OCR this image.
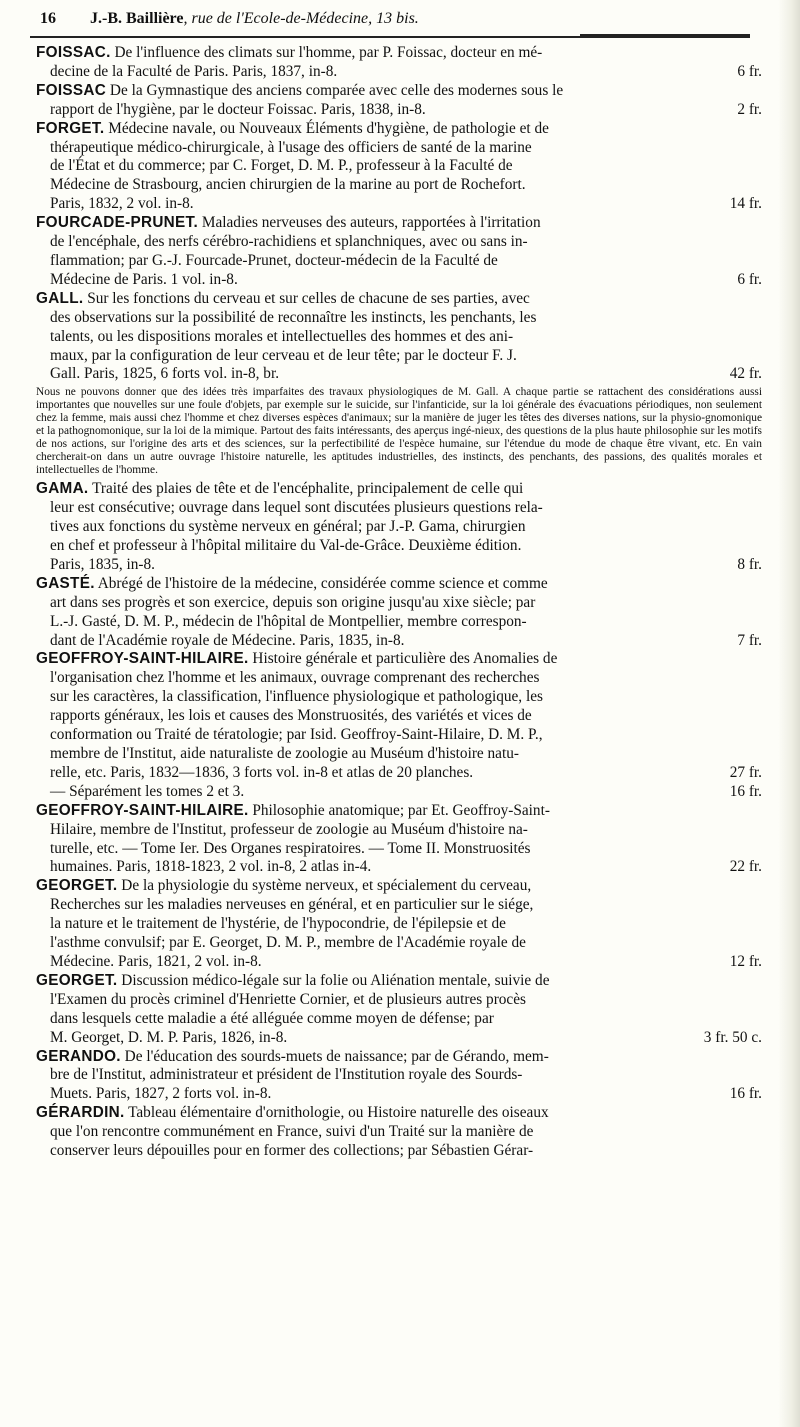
16 J.-B. Baillière, rue de l'Ecole-de-Médecine, 13 bis.
FOISSAC. De l'influence des climats sur l'homme, par P. Foissac, docteur en mé-
decine de la Faculté de Paris. Paris, 1837, in-8.	6 fr.
FOISSAC De la Gymnastique des anciens comparée avec celle des modernes sous le
rapport de l'hygiène, par le docteur Foissac. Paris, 1838, in-8.	2 fr.
FORGET. Médecine navale, ou Nouveaux Éléments d'hygiène, de pathologie et de
thérapeutique médico-chirurgicale, à l'usage des officiers de santé de la marine
de l'État et du commerce; par C. Forget, D. M. P., professeur à la Faculté de
Médecine de Strasbourg, ancien chirurgien de la marine au port de Rochefort.
Paris, 1832, 2 vol. in-8.	14 fr.
FOURCADE-PRUNET. Maladies nerveuses des auteurs, rapportées à l'irritation
de l'encéphale, des nerfs cérébro-rachidiens et splanchniques, avec ou sans in-
flammation; par G.-J. Fourcade-Prunet, docteur-médecin de la Faculté de
Médecine de Paris. 1 vol. in-8.	6 fr.
GALL. Sur les fonctions du cerveau et sur celles de chacune de ses parties, avec
des observations sur la possibilité de reconnaître les instincts, les penchants, les
talents, ou les dispositions morales et intellectuelles des hommes et des ani-
maux, par la configuration de leur cerveau et de leur tête; par le docteur F. J.
Gall. Paris, 1825, 6 forts vol. in-8, br.	42 fr.
Nous ne pouvons donner que des idées très imparfaites des travaux physiologiques de M. Gall. A chaque partie se rattachent des considérations aussi importantes que nouvelles sur une foule d'objets, par exemple sur le suicide, sur l'infanticide, sur la loi générale des évacuations périodiques, non seulement chez la femme, mais aussi chez l'homme et chez diverses espèces d'animaux; sur la manière de juger les têtes des diverses nations, sur la physio-gnomonique et la pathognomonique, sur la loi de la mimique. Partout des faits intéressants, des aperçus ingé-nieux, des questions de la plus haute philosophie sur les motifs de nos actions, sur l'origine des arts et des sciences, sur la perfectibilité de l'espèce humaine, sur l'étendue du mode de chaque être vivant, etc. En vain chercherait-on dans un autre ouvrage l'histoire naturelle, les aptitudes industrielles, des instincts, des penchants, des passions, des qualités morales et intellectuelles de l'homme.
GAMA. Traité des plaies de tête et de l'encéphalite, principalement de celle qui
leur est consécutive; ouvrage dans lequel sont discutées plusieurs questions rela-
tives aux fonctions du système nerveux en général; par J.-P. Gama, chirurgien
en chef et professeur à l'hôpital militaire du Val-de-Grâce. Deuxième édition.
Paris, 1835, in-8.	8 fr.
GASTÉ. Abrégé de l'histoire de la médecine, considérée comme science et comme
art dans ses progrès et son exercice, depuis son origine jusqu'au xixe siècle; par
L.-J. Gasté, D. M. P., médecin de l'hôpital de Montpellier, membre correspon-
dant de l'Académie royale de Médecine. Paris, 1835, in-8.	7 fr.
GEOFFROY-SAINT-HILAIRE. Histoire générale et particulière des Anomalies de
l'organisation chez l'homme et les animaux, ouvrage comprenant des recherches
sur les caractères, la classification, l'influence physiologique et pathologique, les
rapports généraux, les lois et causes des Monstruosités, des variétés et vices de
conformation ou Traité de tératologie; par Isid. Geoffroy-Saint-Hilaire, D. M. P.,
membre de l'Institut, aide naturaliste de zoologie au Muséum d'histoire natu-
relle, etc. Paris, 1832—1836, 3 forts vol. in-8 et atlas de 20 planches.	27 fr.
— Séparément les tomes 2 et 3.	16 fr.
GEOFFROY-SAINT-HILAIRE. Philosophie anatomique; par Et. Geoffroy-Saint-
Hilaire, membre de l'Institut, professeur de zoologie au Muséum d'histoire na-
turelle, etc. — Tome Ier. Des Organes respiratoires. — Tome II. Monstruosités
humaines. Paris, 1818-1823, 2 vol. in-8, 2 atlas in-4.	22 fr.
GEORGET. De la physiologie du système nerveux, et spécialement du cerveau,
Recherches sur les maladies nerveuses en général, et en particulier sur le siége,
la nature et le traitement de l'hystérie, de l'hypocondrie, de l'épilepsie et de
l'asthme convulsif; par E. Georget, D. M. P., membre de l'Académie royale de
Médecine. Paris, 1821, 2 vol. in-8.	12 fr.
GEORGET. Discussion médico-légale sur la folie ou Aliénation mentale, suivie de
l'Examen du procès criminel d'Henriette Cornier, et de plusieurs autres procès
dans lesquels cette maladie a été alléguée comme moyen de défense; par
M. Georget, D. M. P. Paris, 1826, in-8.	3 fr. 50 c.
GERANDO. De l'éducation des sourds-muets de naissance; par de Gérando, mem-
bre de l'Institut, administrateur et président de l'Institution royale des Sourds-
Muets. Paris, 1827, 2 forts vol. in-8.	16 fr.
GÉRARDIN. Tableau élémentaire d'ornithologie, ou Histoire naturelle des oiseaux
que l'on rencontre communément en France, suivi d'un Traité sur la manière de
conserver leurs dépouilles pour en former des collections; par Sébastien Gérar-
